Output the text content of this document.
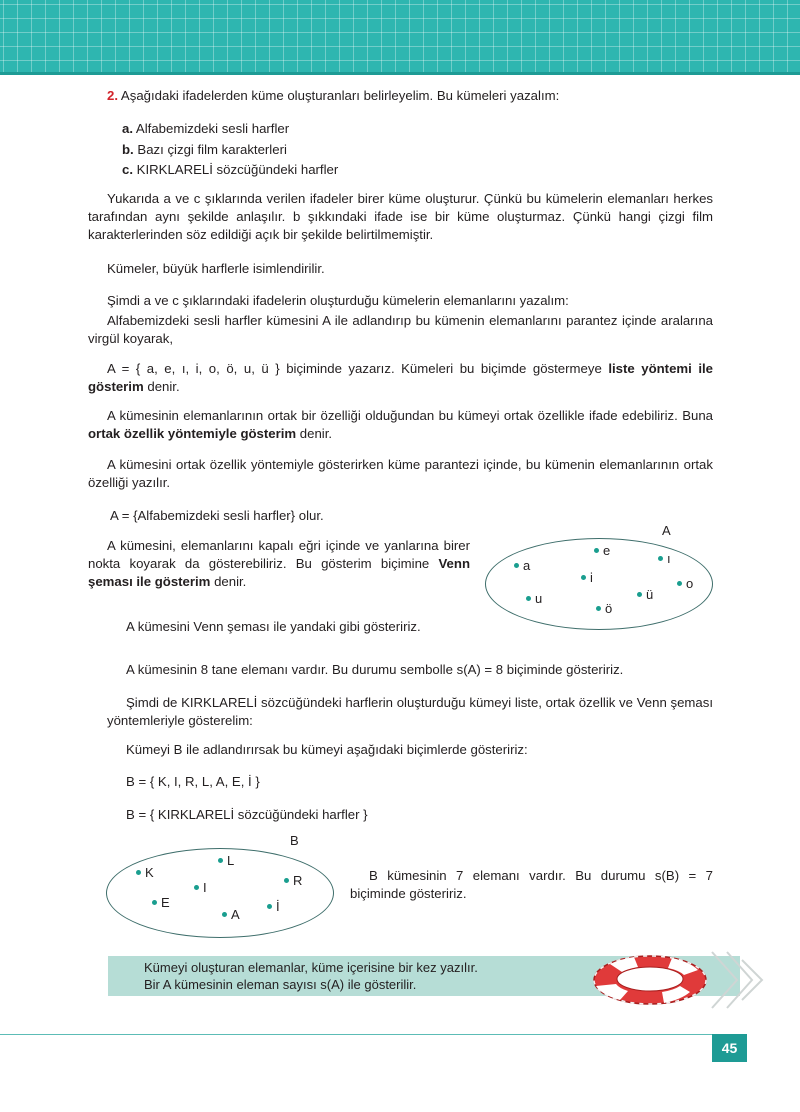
2. Aşağıdaki ifadelerden küme oluşturanları belirleyelim. Bu kümeleri yazalım:

a. Alfabemizdeki sesli harfler

b. Bazı çizgi film karakterleri

c. KIRKLARELİ sözcüğündeki harfler

Yukarıda a ve c şıklarında verilen ifadeler birer küme oluşturur. Çünkü bu kümelerin elemanları herkes tarafından aynı şekilde anlaşılır. b şıkkındaki ifade ise bir küme oluşturmaz. Çünkü hangi çizgi film karakterlerinden söz edildiği açık bir şekilde belirtilmemiştir.

Kümeler, büyük harflerle isimlendirilir.

Şimdi a ve c şıklarındaki ifadelerin oluşturduğu kümelerin elemanlarını yazalım:

Alfabemizdeki sesli harfler kümesini A ile adlandırıp bu kümenin elemanlarını parantez içinde aralarına virgül koyarak,

A = { a, e, ı, i, o, ö, u, ü } biçiminde yazarız. Kümeleri bu biçimde göstermeye liste yöntemi ile gösterim denir.

A kümesinin elemanlarının ortak bir özelliği olduğundan bu kümeyi ortak özellikle ifade edebiliriz. Buna ortak özellik yöntemiyle gösterim denir.

A kümesini ortak özellik yöntemiyle gösterirken küme parantezi içinde, bu kümenin elemanlarının ortak özelliği yazılır.

A = {Alfabemizdeki sesli harfler} olur.

A kümesini, elemanlarını kapalı eğri içinde ve yanlarına birer nokta koyarak da gösterebiliriz. Bu gösterim biçimine Venn şeması ile gösterim denir.

A
a
e
ı
i	o
ö
u	ü

A kümesini Venn şeması ile yandaki gibi gösteririz.

A kümesinin 8 tane elemanı vardır. Bu durumu sembolle s(A) = 8 biçiminde gösteririz.

Şimdi de KIRKLARELİ sözcüğündeki harflerin oluşturduğu kümeyi liste, ortak özellik ve Venn şeması yöntemleriyle gösterelim:

Kümeyi B ile adlandırırsak bu kümeyi aşağıdaki biçimlerde gösteririz:

B = { K, I, R, L, A, E, İ }

B = { KIRKLARELİ sözcüğündeki harfler }

B
K
L
I	R
E
A
İ

B kümesinin 7 elemanı vardır. Bu durumu s(B) = 7 biçiminde gösteririz.

Kümeyi oluşturan elemanlar, küme içerisine bir kez yazılır.
Bir A kümesinin eleman sayısı s(A) ile gösterilir.
45
